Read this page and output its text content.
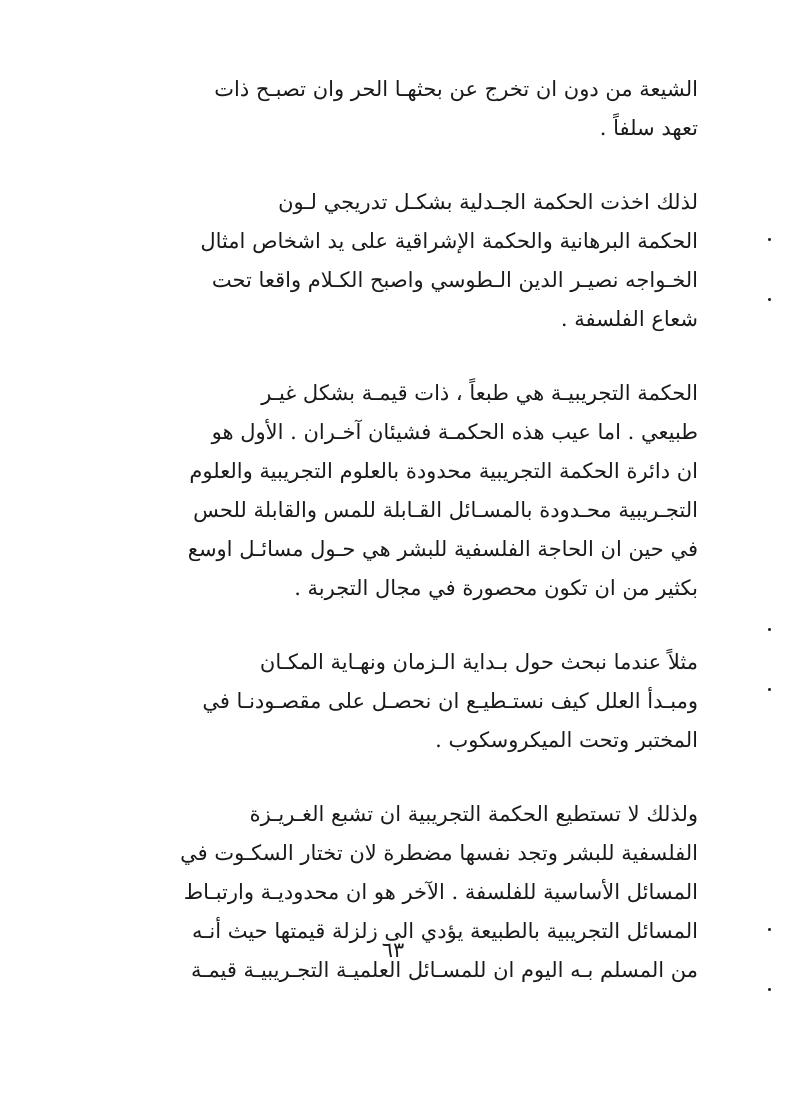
الشيعة من دون ان تخرج عن بحثهـا الحر وان تصبـح ذات
تعهد سلفاً .
لذلك اخذت الحكمة الجـدلية بشكـل تدريجي لـون
الحكمة البرهانية والحكمة الإشراقية على يد اشخاص امثال
الخـواجه نصيـر الدين الـطوسي واصبح الكـلام واقعا تحت
شعاع الفلسفة .
الحكمة التجريبيـة هي طبعاً ، ذات قيمـة بشكل غيـر
طبيعي . اما عيب هذه الحكمـة فشيئان آخـران . الأول هو
ان دائرة الحكمة التجريبية محدودة بالعلوم التجريبية والعلوم
التجـريبية محـدودة بالمسـائل القـابلة للمس والقابلة للحس
في حين ان الحاجة الفلسفية للبشر هي حـول مسائـل اوسع
بكثير من ان تكون محصورة في مجال التجربة .
مثلاً عندما نبحث حول بـداية الـزمان ونهـاية المكـان
ومبـدأ العلل كيف نستـطيـع ان نحصـل على مقصـودنـا في
المختبر وتحت الميكروسكوب .
ولذلك لا تستطيع الحكمة التجريبية ان تشبع الغـريـزة
الفلسفية للبشر وتجد نفسها مضطرة لان تختار السكـوت في
المسائل الأساسية للفلسفة . الآخر هو ان محدوديـة وارتبـاط
المسائل التجريبية بالطبيعة يؤدي الى زلزلة قيمتها حيث أنـه
من المسلم بـه اليوم ان للمسـائل العلميـة التجـريبيـة قيمـة
٦٣
